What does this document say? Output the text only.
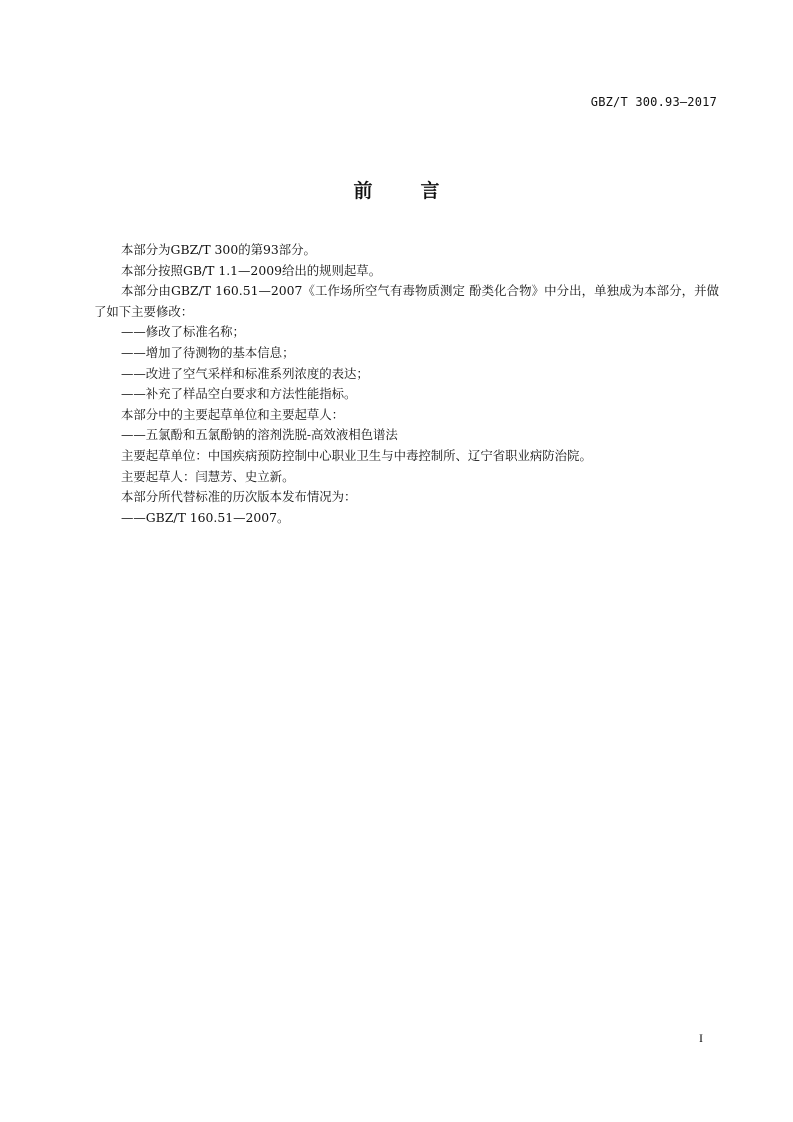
GBZ/T 300.93—2017
前言

本部分为GBZ/T 300的第93部分。

本部分按照GB/T 1.1—2009给出的规则起草。

本部分由GBZ/T 160.51—2007《工作场所空气有毒物质测定 酚类化合物》中分出，单独成为本部分，并做了如下主要修改：

——修改了标准名称；

——增加了待测物的基本信息；

——改进了空气采样和标准系列浓度的表达；

——补充了样品空白要求和方法性能指标。

本部分中的主要起草单位和主要起草人：

——五氯酚和五氯酚钠的溶剂洗脱-高效液相色谱法

主要起草单位：中国疾病预防控制中心职业卫生与中毒控制所、辽宁省职业病防治院。

主要起草人：闫慧芳、史立新。

本部分所代替标准的历次版本发布情况为：

——GBZ/T 160.51—2007。

I
